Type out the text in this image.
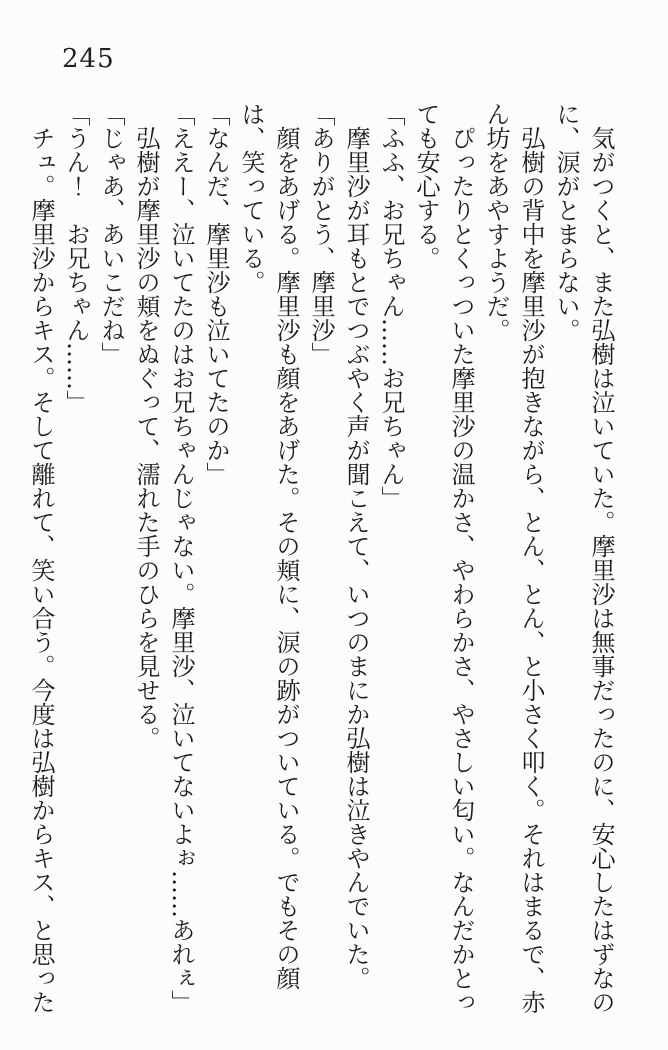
245

　気がつくと、また弘樹は泣いていた。摩里沙は無事だったのに、安心したはずなのに、涙がとまらない。

　弘樹の背中を摩里沙が抱きながら、とん、とん、と小さく叩く。それはまるで、赤ん坊をあやすようだ。

　ぴったりとくっついた摩里沙の温かさ、やわらかさ、やさしい匂い。なんだかとっても安心する。

「ふふ、お兄ちゃん……お兄ちゃん」

　摩里沙が耳もとでつぶやく声が聞こえて、いつのまにか弘樹は泣きやんでいた。

「ありがとう、摩里沙」

　顔をあげる。摩里沙も顔をあげた。その頬に、涙の跡がついている。でもその顔は、笑っている。

「なんだ、摩里沙も泣いてたのか」

「ええー、泣いてたのはお兄ちゃんじゃない。摩里沙、泣いてないよぉ……あれぇ」

　弘樹が摩里沙の頬をぬぐって、濡れた手のひらを見せる。

「じゃあ、あいこだね」

「うん！　お兄ちゃん……」

　チュ。摩里沙からキス。そして離れて、笑い合う。今度は弘樹からキス、と思った
